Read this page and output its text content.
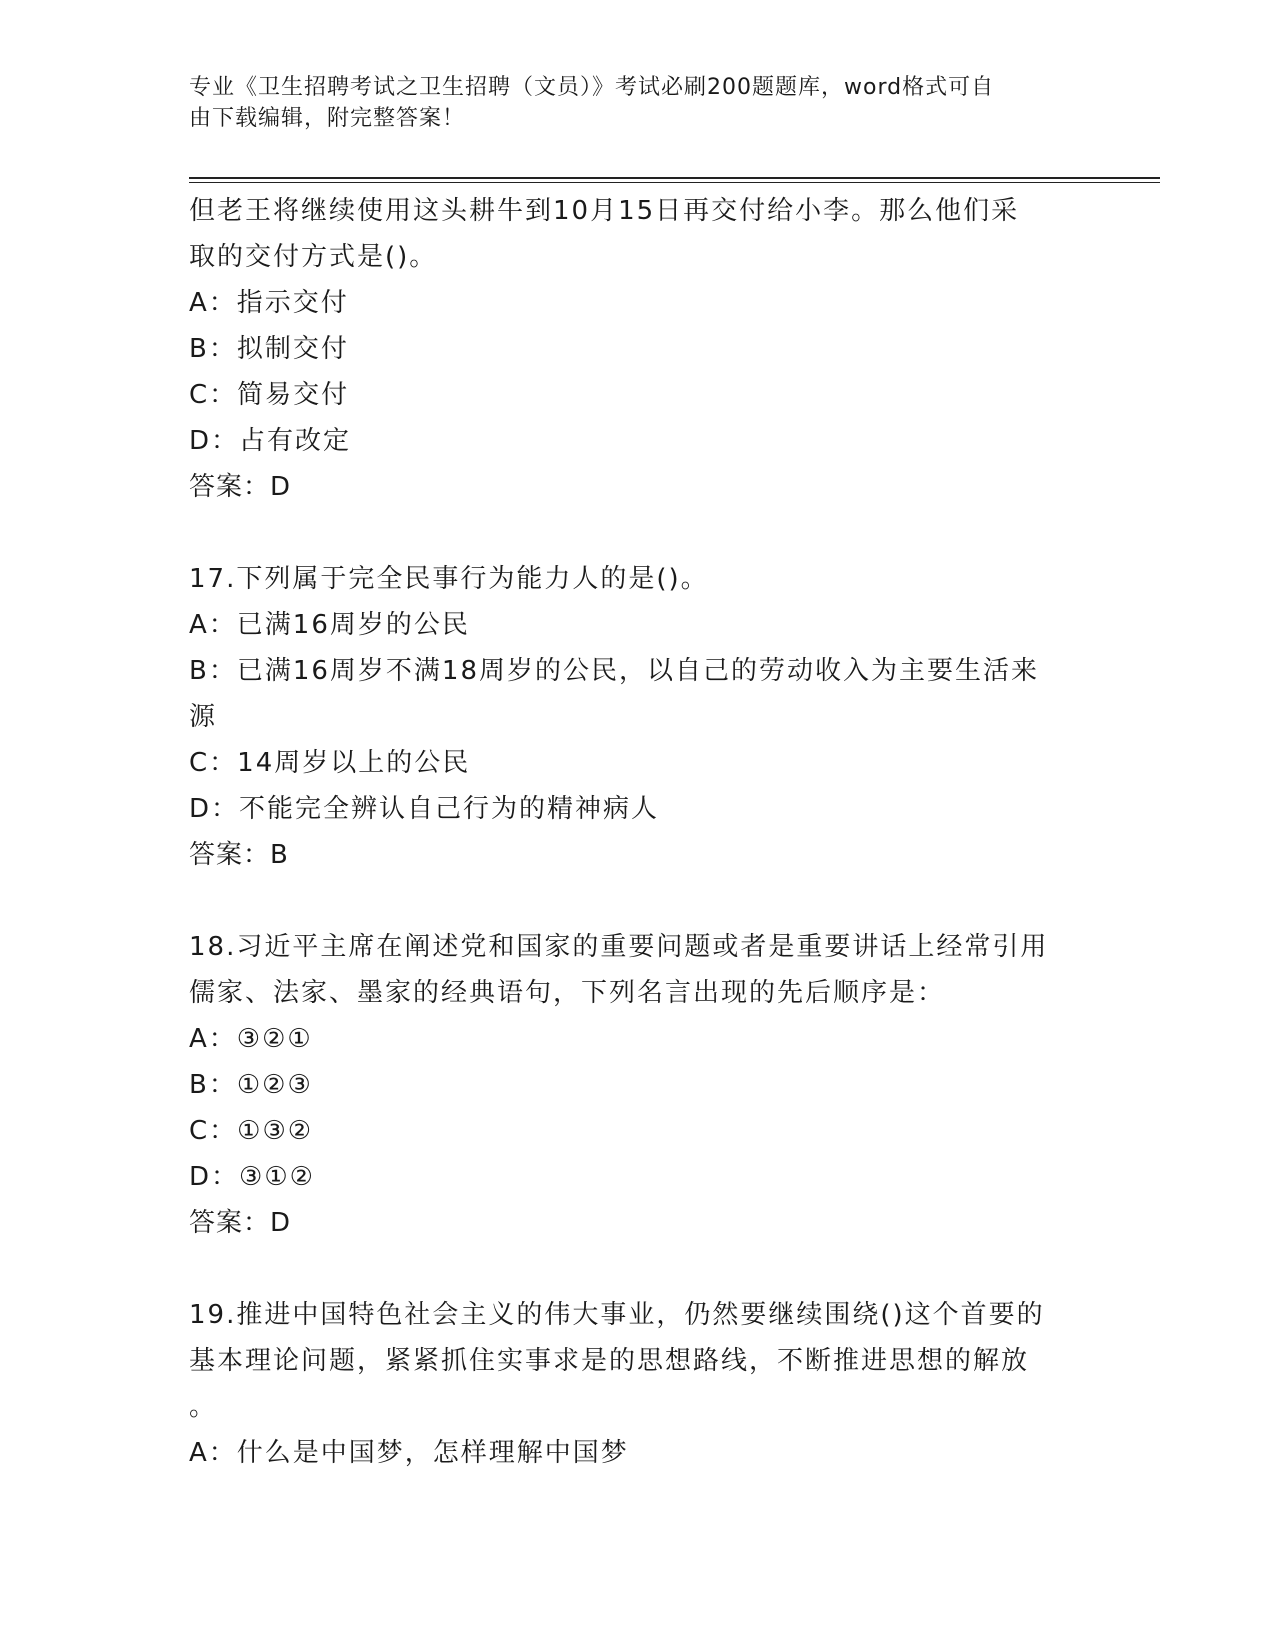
专业《卫生招聘考试之卫生招聘（文员）》考试必刷200题题库，word格式可自
由下载编辑，附完整答案！
但老王将继续使用这头耕牛到10月15日再交付给小李。那么他们采
取的交付方式是()。
A：指示交付
B：拟制交付
C：简易交付
D：占有改定
答案：D
17.下列属于完全民事行为能力人的是()。
A：已满16周岁的公民
B：已满16周岁不满18周岁的公民，以自己的劳动收入为主要生活来
源
C：14周岁以上的公民
D：不能完全辨认自己行为的精神病人
答案：B
18.习近平主席在阐述党和国家的重要问题或者是重要讲话上经常引用
儒家、法家、墨家的经典语句，下列名言出现的先后顺序是：
A：③②①
B：①②③
C：①③②
D：③①②
答案：D
19.推进中国特色社会主义的伟大事业，仍然要继续围绕()这个首要的
基本理论问题，紧紧抓住实事求是的思想路线，不断推进思想的解放
。
A：什么是中国梦，怎样理解中国梦
